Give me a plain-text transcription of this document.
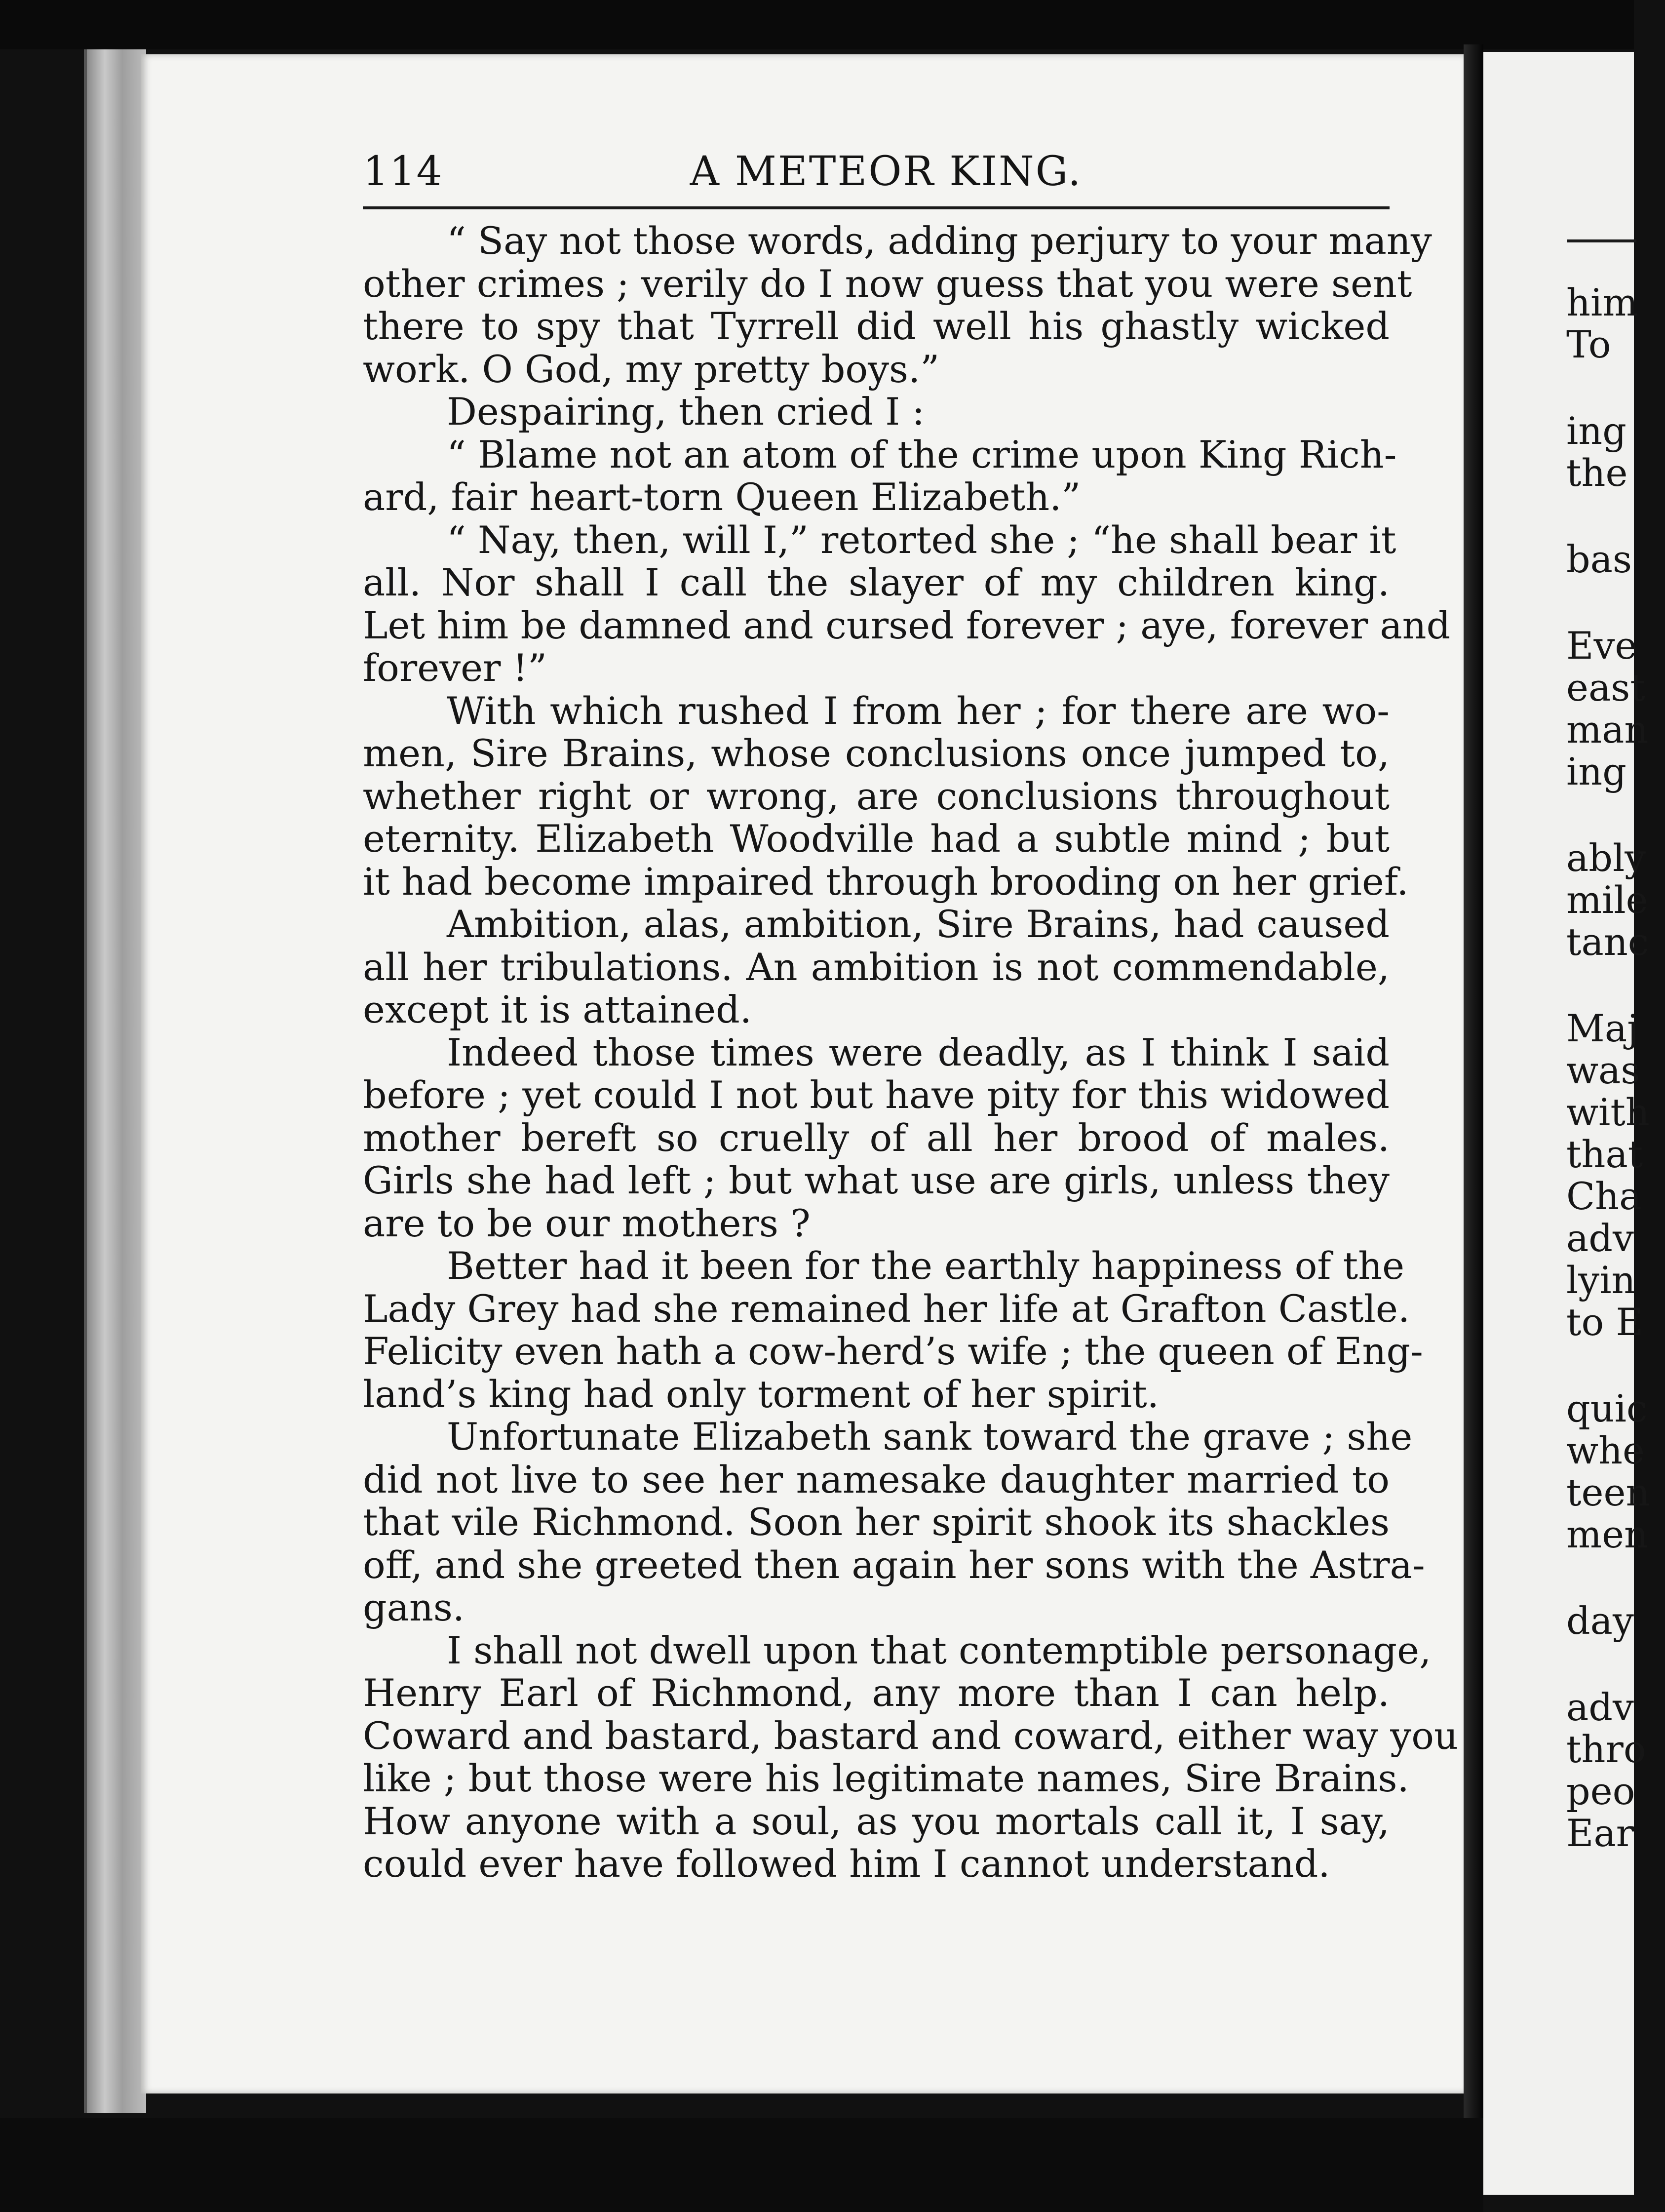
114	A METEOR KING.
“ Say not those words, adding perjury to your many
other crimes ; verily do I now guess that you were sent
there to spy that Tyrrell did well his ghastly wicked
work. O God, my pretty boys.”
Despairing, then cried I :
“ Blame not an atom of the crime upon King Rich-
ard, fair heart-torn Queen Elizabeth.”
“ Nay, then, will I,” retorted she ; “he shall bear it
all. Nor shall I call the slayer of my children king.
Let him be damned and cursed forever ; aye, forever and
forever !”
With which rushed I from her ; for there are wo-
men, Sire Brains, whose conclusions once jumped to,
whether right or wrong, are conclusions throughout
eternity. Elizabeth Woodville had a subtle mind ; but
it had become impaired through brooding on her grief.
Ambition, alas, ambition, Sire Brains, had caused
all her tribulations. An ambition is not commendable,
except it is attained.
Indeed those times were deadly, as I think I said
before ; yet could I not but have pity for this widowed
mother bereft so cruelly of all her brood of males.
Girls she had left ; but what use are girls, unless they
are to be our mothers ?
Better had it been for the earthly happiness of the
Lady Grey had she remained her life at Grafton Castle.
Felicity even hath a cow-herd’s wife ; the queen of Eng-
land’s king had only torment of her spirit.
Unfortunate Elizabeth sank toward the grave ; she
did not live to see her namesake daughter married to
that vile Richmond. Soon her spirit shook its shackles
off, and she greeted then again her sons with the Astra-
gans.
I shall not dwell upon that contemptible personage,
Henry Earl of Richmond, any more than I can help.
Coward and bastard, bastard and coward, either way you
like ; but those were his legitimate names, Sire Brains.
How anyone with a soul, as you mortals call it, I say,
could ever have followed him I cannot understand.
him
To
ing
the
bas
Eve
east
man
ing
ably
mile
tanc
Maj
was
with
that
Cha
adv
lyin
to E
quic
whe
teen
men
day
adv
thro
peo
Ear
